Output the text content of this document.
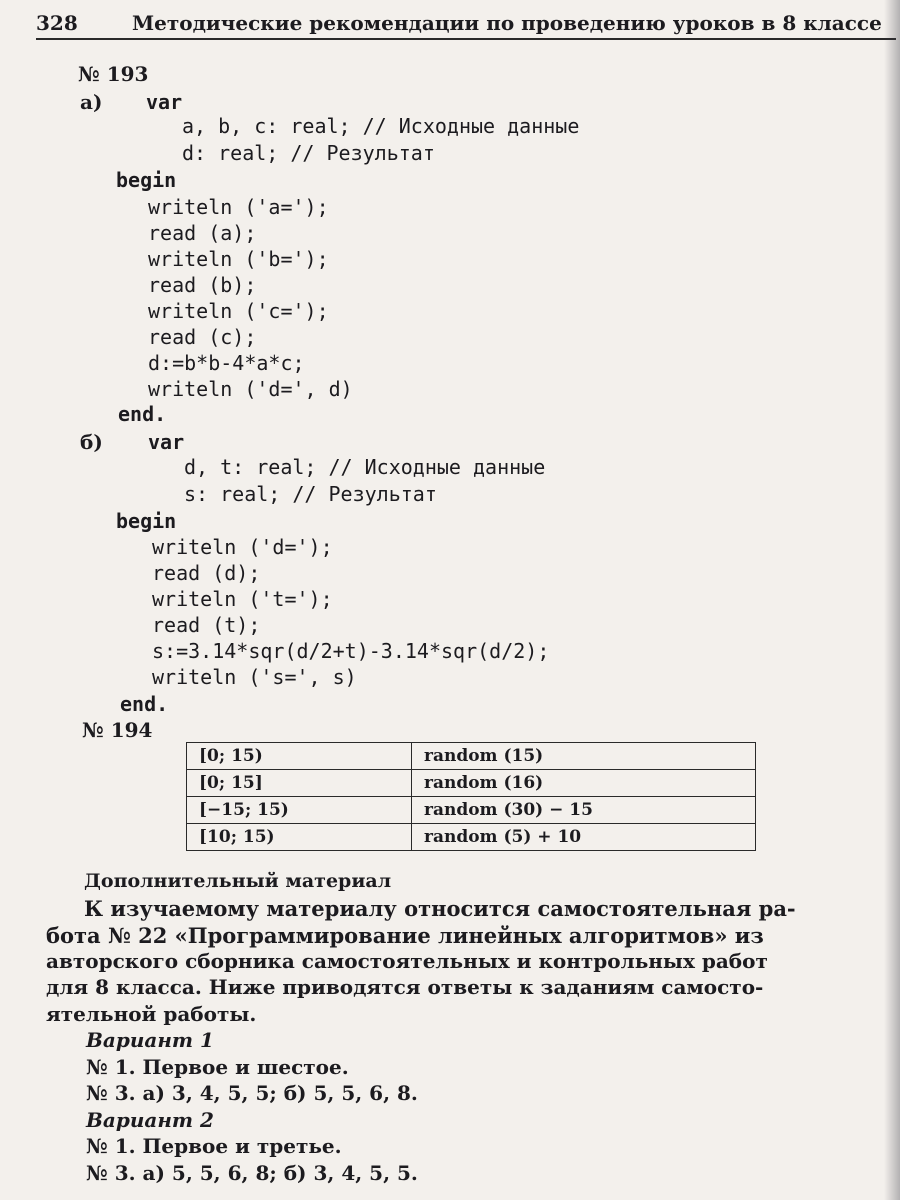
328	Методические рекомендации по проведению уроков в 8 классе
№ 193
а) var
a, b, c: real; // Исходные данные
d: real; // Результат
begin
writeln ('a=');
read (a);
writeln ('b=');
read (b);
writeln ('c=');
read (c);
d:=b*b-4*a*c;
writeln ('d=', d)
end.
б) var
d, t: real; // Исходные данные
s: real; // Результат
begin
writeln ('d=');
read (d);
writeln ('t=');
read (t);
s:=3.14*sqr(d/2+t)-3.14*sqr(d/2);
writeln ('s=', s)
end.
№ 194
[0; 15)	random (15)
[0; 15]	random (16)
[−15; 15)	random (30) − 15
[10; 15)	random (5) + 10
Дополнительный материал
К изучаемому материалу относится самостоятельная ра-
бота № 22 «Программирование линейных алгоритмов» из
авторского сборника самостоятельных и контрольных работ
для 8 класса. Ниже приводятся ответы к заданиям самосто-
ятельной работы.
Вариант 1
№ 1. Первое и шестое.
№ 3. а) 3, 4, 5, 5; б) 5, 5, 6, 8.
Вариант 2
№ 1. Первое и третье.
№ 3. а) 5, 5, 6, 8; б) 3, 4, 5, 5.
